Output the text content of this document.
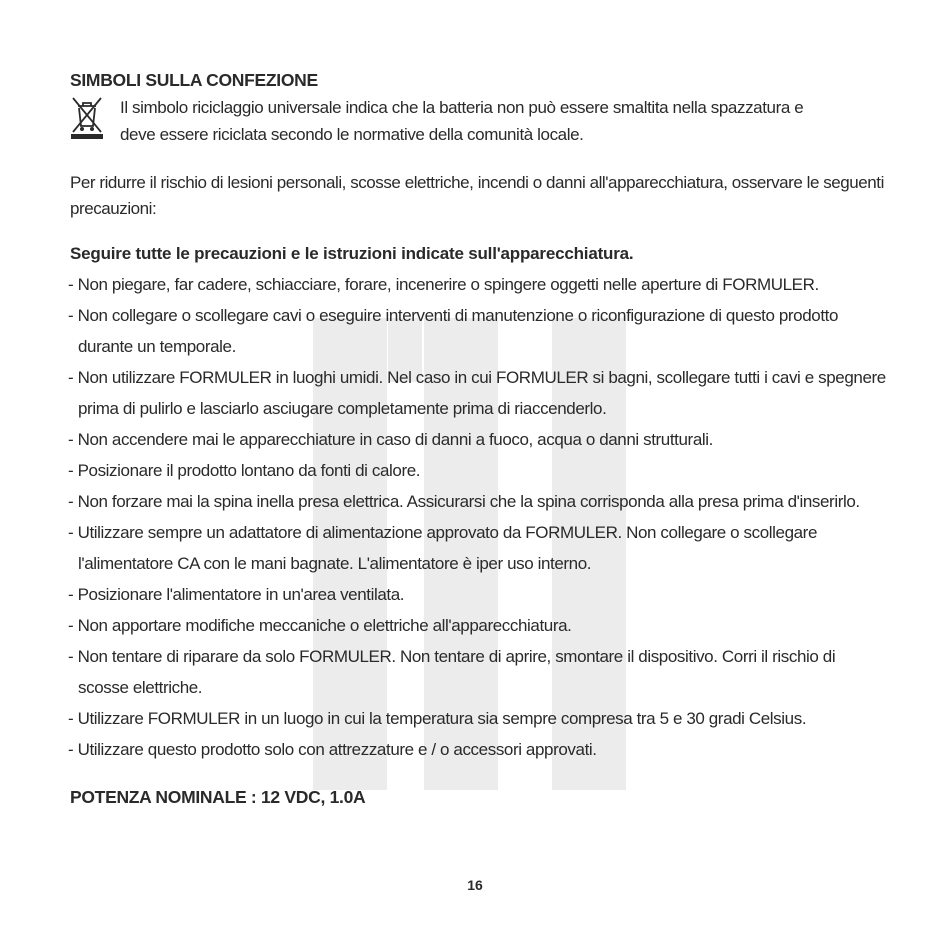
SIMBOLI SULLA CONFEZIONE
Il simbolo riciclaggio universale indica che la batteria non può essere smaltita nella spazzatura e
deve essere riciclata secondo le normative della comunità locale.
Per ridurre il rischio di lesioni personali, scosse elettriche, incendi o danni all'apparecchiatura, osservare le seguenti precauzioni:
Seguire tutte le precauzioni e le istruzioni indicate sull'apparecchiatura.
- Non piegare, far cadere, schiacciare, forare, incenerire o spingere oggetti nelle aperture di FORMULER.
- Non collegare o scollegare cavi o eseguire interventi di manutenzione o riconfigurazione di questo prodotto durante un temporale.
- Non utilizzare FORMULER in luoghi umidi. Nel caso in cui FORMULER si bagni, scollegare tutti i cavi e spegnere prima di pulirlo e lasciarlo asciugare completamente prima di riaccenderlo.
- Non accendere mai le apparecchiature in caso di danni a fuoco, acqua o danni strutturali.
- Posizionare il prodotto lontano da fonti di calore.
- Non forzare mai la spina inella presa elettrica. Assicurarsi che la spina corrisponda alla presa prima d'inserirlo.
- Utilizzare sempre un adattatore di alimentazione approvato da FORMULER. Non collegare o scollegare l'alimentatore CA con le mani bagnate. L'alimentatore è iper uso interno.
- Posizionare l'alimentatore in un'area ventilata.
- Non apportare modifiche meccaniche o elettriche all'apparecchiatura.
- Non tentare di riparare da solo FORMULER. Non tentare di aprire, smontare il dispositivo. Corri il rischio di scosse elettriche.
- Utilizzare FORMULER in un luogo in cui la temperatura sia sempre compresa tra 5 e 30 gradi Celsius.
- Utilizzare questo prodotto solo con attrezzature e / o accessori approvati.
POTENZA NOMINALE : 12 VDC, 1.0A
16
